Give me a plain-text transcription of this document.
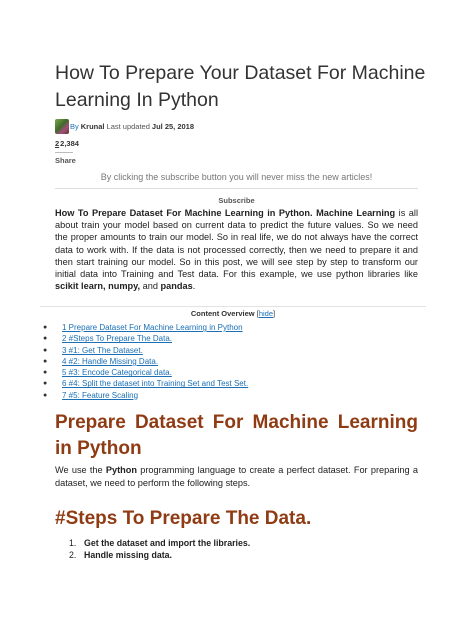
How To Prepare Your Dataset For Machine Learning In Python
By Krunal Last updated Jul 25, 2018
2 2,384
Share
By clicking the subscribe button you will never miss the new articles!
Subscribe

How To Prepare Dataset For Machine Learning in Python. Machine Learning is all about train your model based on current data to predict the future values. So we need the proper amounts to train our model. So in real life, we do not always have the correct data to work with. If the data is not processed correctly, then we need to prepare it and then start training our model. So in this post, we will see step by step to transform our initial data into Training and Test data. For this example, we use python libraries like scikit learn, numpy, and pandas.

Content Overview [hide]
● 1 Prepare Dataset For Machine Learning in Python
● 2 #Steps To Prepare The Data.
● 3 #1: Get The Dataset.
● 4 #2: Handle Missing Data.
● 5 #3: Encode Categorical data.
● 6 #4: Split the dataset into Training Set and Test Set.
● 7 #5: Feature Scaling
Prepare Dataset For Machine Learning in Python

We use the Python programming language to create a perfect dataset. For preparing a dataset, we need to perform the following steps.

#Steps To Prepare The Data.
1. Get the dataset and import the libraries.
2. Handle missing data.
